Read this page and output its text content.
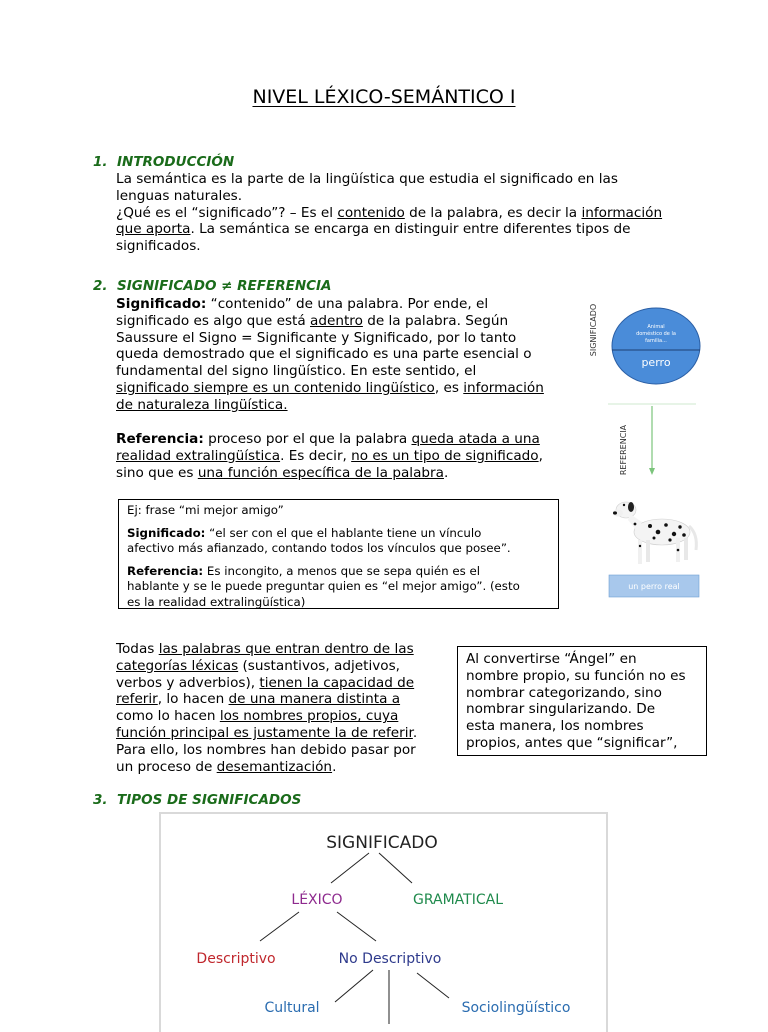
NIVEL LÉXICO-SEMÁNTICO I
1. INTRODUCCIÓN
La semántica es la parte de la lingüística que estudia el significado en las
lenguas naturales.
¿Qué es el “significado”? – Es el contenido de la palabra, es decir la información
que aporta. La semántica se encarga en distinguir entre diferentes tipos de
significados.
2. SIGNIFICADO ≠ REFERENCIA
Significado: “contenido” de una palabra. Por ende, el
significado es algo que está adentro de la palabra. Según
Saussure el Signo = Significante y Significado, por lo tanto
queda demostrado que el significado es una parte esencial o
fundamental del signo lingüístico. En este sentido, el
significado siempre es un contenido lingüístico, es información
de naturaleza lingüística.
Referencia: proceso por el que la palabra queda atada a una
realidad extralingüística. Es decir, no es un tipo de significado,
sino que es una función específica de la palabra.
Ej: frase “mi mejor amigo”
Significado: “el ser con el que el hablante tiene un vínculo
afectivo más afianzado, contando todos los vínculos que posee”.
Referencia: Es incongito, a menos que se sepa quién es el
hablante y se le puede preguntar quien es “el mejor amigo”. (esto
es la realidad extralingüística)
Todas las palabras que entran dentro de las
categorías léxicas (sustantivos, adjetivos,
verbos y adverbios), tienen la capacidad de
referir, lo hacen de una manera distinta a
como lo hacen los nombres propios, cuya
función principal es justamente la de referir.
Para ello, los nombres han debido pasar por
un proceso de desemantización.
Al convertirse “Ángel” en
nombre propio, su función no es
nombrar categorizando, sino
nombrar singularizando. De
esta manera, los nombres
propios, antes que “significar”,
SIGNIFICADO	Animal
doméstico de la
familia...
perro
REFERENCIA
un perro real
3. TIPOS DE SIGNIFICADOS
SIGNIFICADO
LÉXICO	GRAMATICAL
Descriptivo	No Descriptivo
Cultural	Sociolingüístico
